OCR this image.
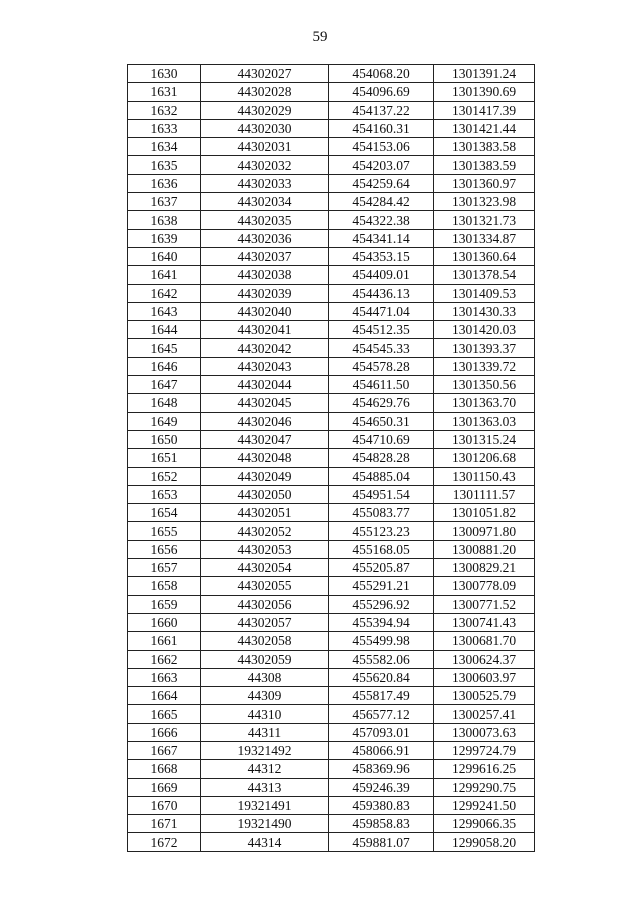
59
1630	44302027	454068.20	1301391.24
1631	44302028	454096.69	1301390.69
1632	44302029	454137.22	1301417.39
1633	44302030	454160.31	1301421.44
1634	44302031	454153.06	1301383.58
1635	44302032	454203.07	1301383.59
1636	44302033	454259.64	1301360.97
1637	44302034	454284.42	1301323.98
1638	44302035	454322.38	1301321.73
1639	44302036	454341.14	1301334.87
1640	44302037	454353.15	1301360.64
1641	44302038	454409.01	1301378.54
1642	44302039	454436.13	1301409.53
1643	44302040	454471.04	1301430.33
1644	44302041	454512.35	1301420.03
1645	44302042	454545.33	1301393.37
1646	44302043	454578.28	1301339.72
1647	44302044	454611.50	1301350.56
1648	44302045	454629.76	1301363.70
1649	44302046	454650.31	1301363.03
1650	44302047	454710.69	1301315.24
1651	44302048	454828.28	1301206.68
1652	44302049	454885.04	1301150.43
1653	44302050	454951.54	1301111.57
1654	44302051	455083.77	1301051.82
1655	44302052	455123.23	1300971.80
1656	44302053	455168.05	1300881.20
1657	44302054	455205.87	1300829.21
1658	44302055	455291.21	1300778.09
1659	44302056	455296.92	1300771.52
1660	44302057	455394.94	1300741.43
1661	44302058	455499.98	1300681.70
1662	44302059	455582.06	1300624.37
1663	44308	455620.84	1300603.97
1664	44309	455817.49	1300525.79
1665	44310	456577.12	1300257.41
1666	44311	457093.01	1300073.63
1667	19321492	458066.91	1299724.79
1668	44312	458369.96	1299616.25
1669	44313	459246.39	1299290.75
1670	19321491	459380.83	1299241.50
1671	19321490	459858.83	1299066.35
1672	44314	459881.07	1299058.20
